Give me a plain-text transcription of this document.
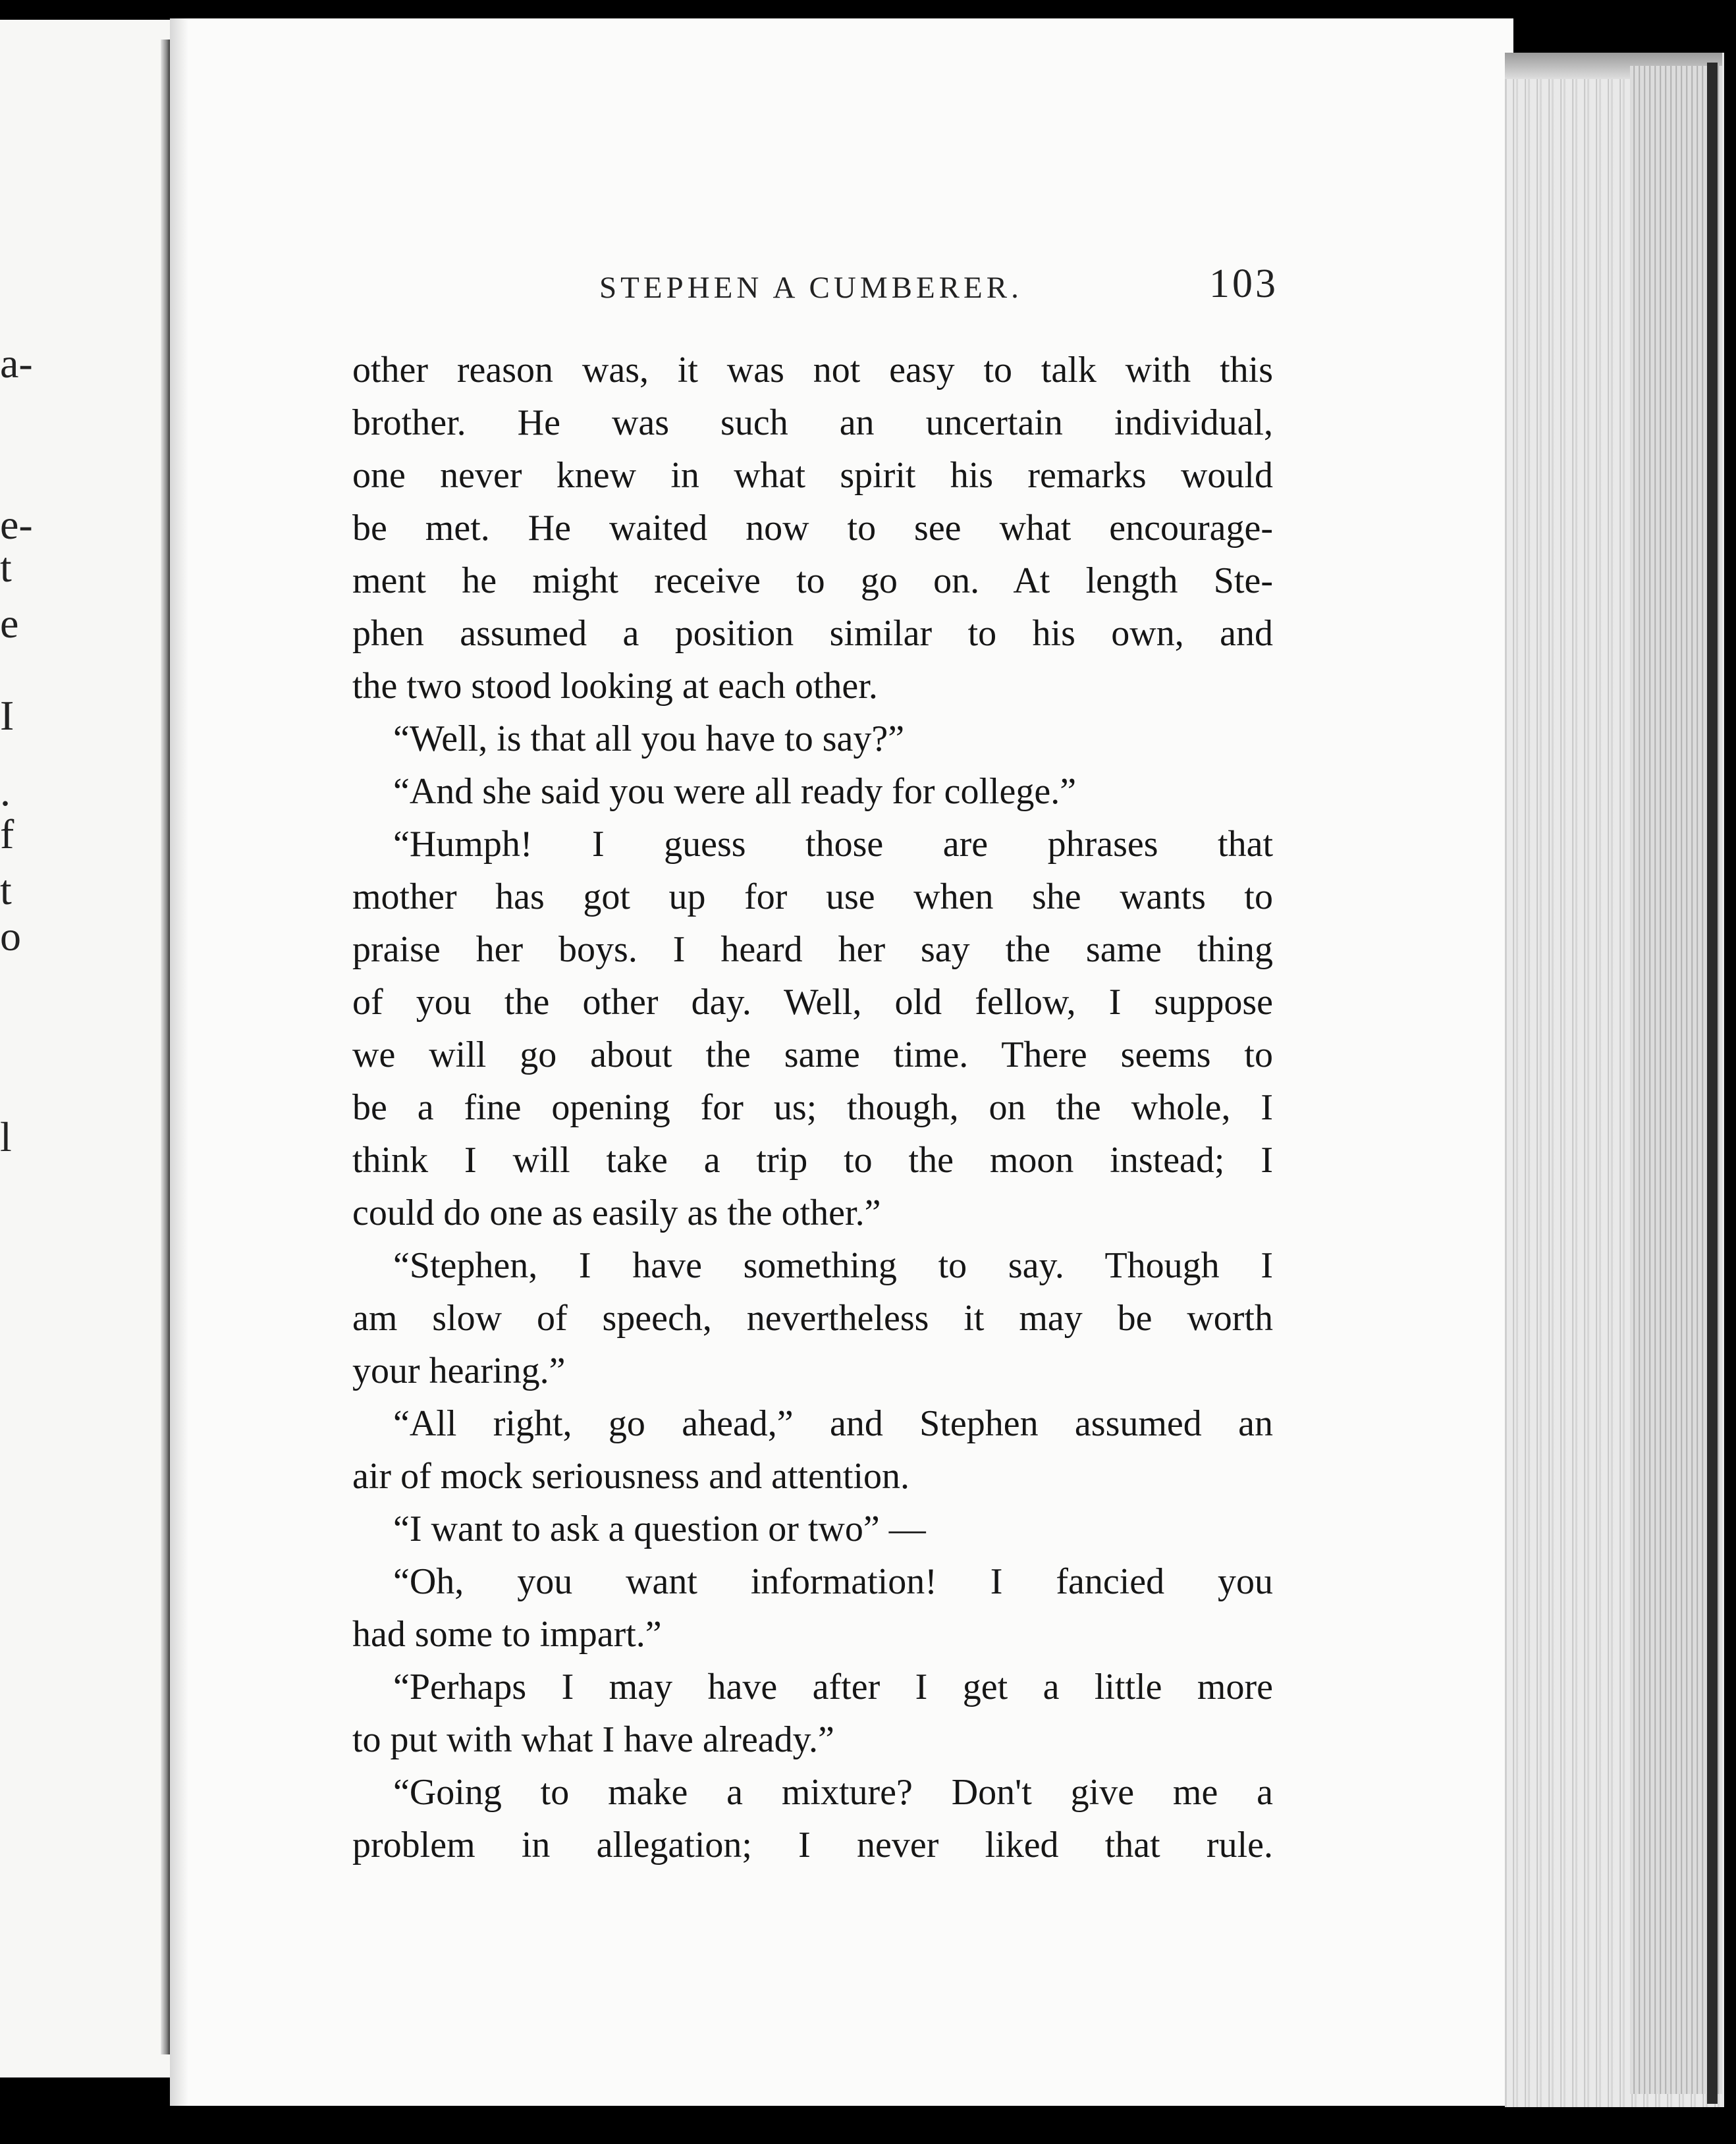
a-
e-
t
e
I
.
f
t
o
l
STEPHEN A CUMBERER.	103
other reason was, it was not easy to talk with this
brother. He was such an uncertain individual,
one never knew in what spirit his remarks would
be met. He waited now to see what encourage-
ment he might receive to go on. At length Ste-
phen assumed a position similar to his own, and
the two stood looking at each other.
“Well, is that all you have to say?”
“And she said you were all ready for college.”
“Humph! I guess those are phrases that
mother has got up for use when she wants to
praise her boys. I heard her say the same thing
of you the other day. Well, old fellow, I suppose
we will go about the same time. There seems to
be a fine opening for us; though, on the whole, I
think I will take a trip to the moon instead; I
could do one as easily as the other.”
“Stephen, I have something to say. Though I
am slow of speech, nevertheless it may be worth
your hearing.”
“All right, go ahead,” and Stephen assumed an
air of mock seriousness and attention.
“I want to ask a question or two” —
“Oh, you want information! I fancied you
had some to impart.”
“Perhaps I may have after I get a little more
to put with what I have already.”
“Going to make a mixture? Don't give me a
problem in allegation; I never liked that rule.
